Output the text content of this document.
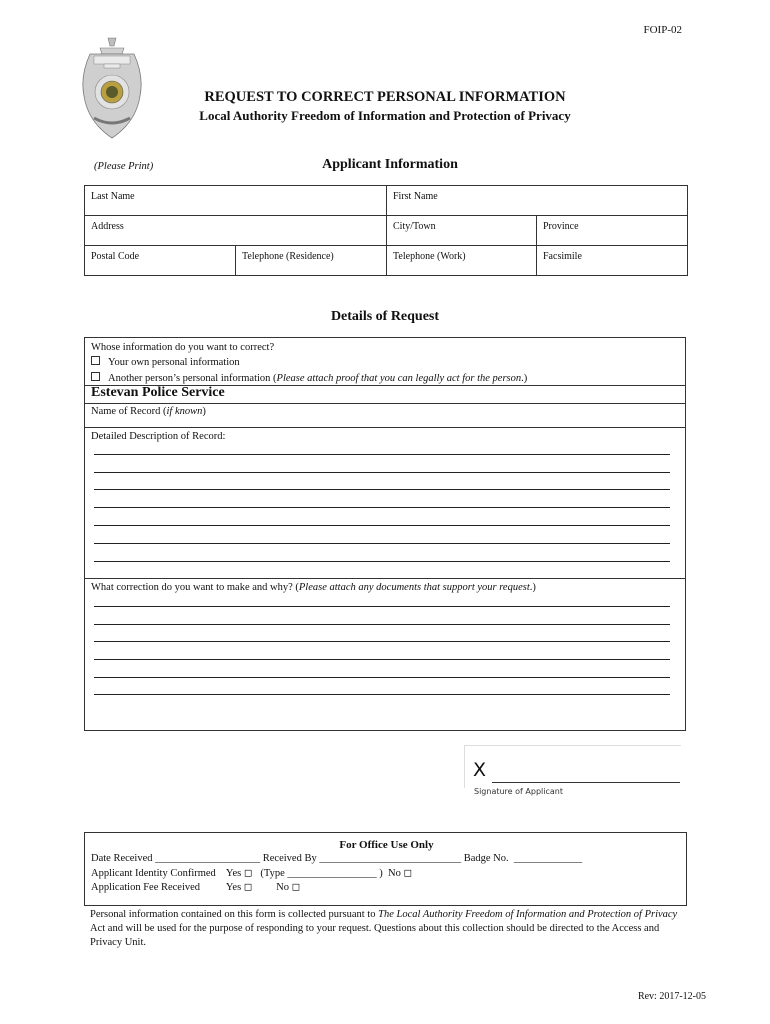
FOIP-02
REQUEST TO CORRECT PERSONAL INFORMATION
Local Authority Freedom of Information and Protection of Privacy
(Please Print)	Applicant Information
Last Name		First Name	
Address		City/Town	Province
Postal Code	Telephone (Residence)	Telephone (Work)	Facsimile
Details of Request
Whose information do you want to correct?
Your own personal information
Another person’s personal information (Please attach proof that you can legally act for the person.)
Estevan Police Service
Name of Record (if known)
Detailed Description of Record:
What correction do you want to make and why? (Please attach any documents that support your request.)
X
Signature of Applicant
For Office Use Only
Date Received ____________________ Received By ___________________________ Badge No.  _____________
Applicant Identity Confirmed    Yes ◻   (Type _________________ )  No ◻
Application Fee Received          Yes ◻         No ◻
Personal information contained on this form is collected pursuant to The Local Authority Freedom of Information and Protection of Privacy Act and will be used for the purpose of responding to your request. Questions about this collection should be directed to the Access and Privacy Unit.
Rev: 2017-12-05
